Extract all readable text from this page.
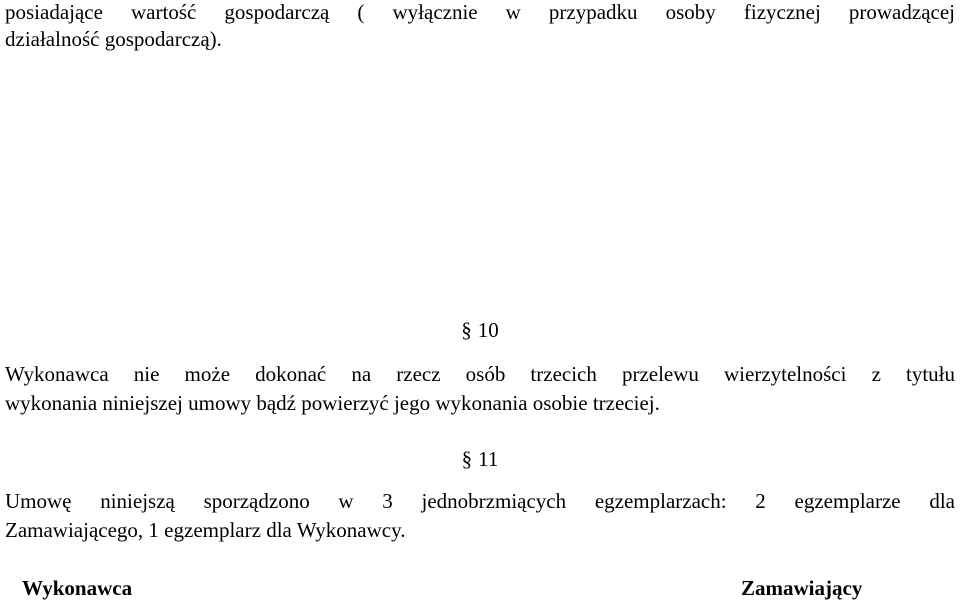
posiadające wartość gospodarczą ( wyłącznie w przypadku osoby fizycznej prowadzącej
działalność gospodarczą).
§ 10
Wykonawca nie może dokonać na rzecz osób trzecich przelewu wierzytelności z tytułu
wykonania niniejszej umowy bądź powierzyć jego wykonania osobie trzeciej.
§ 11
Umowę niniejszą sporządzono w 3 jednobrzmiących egzemplarzach: 2 egzemplarze dla
Zamawiającego, 1 egzemplarz dla Wykonawcy.
Wykonawca	Zamawiający
